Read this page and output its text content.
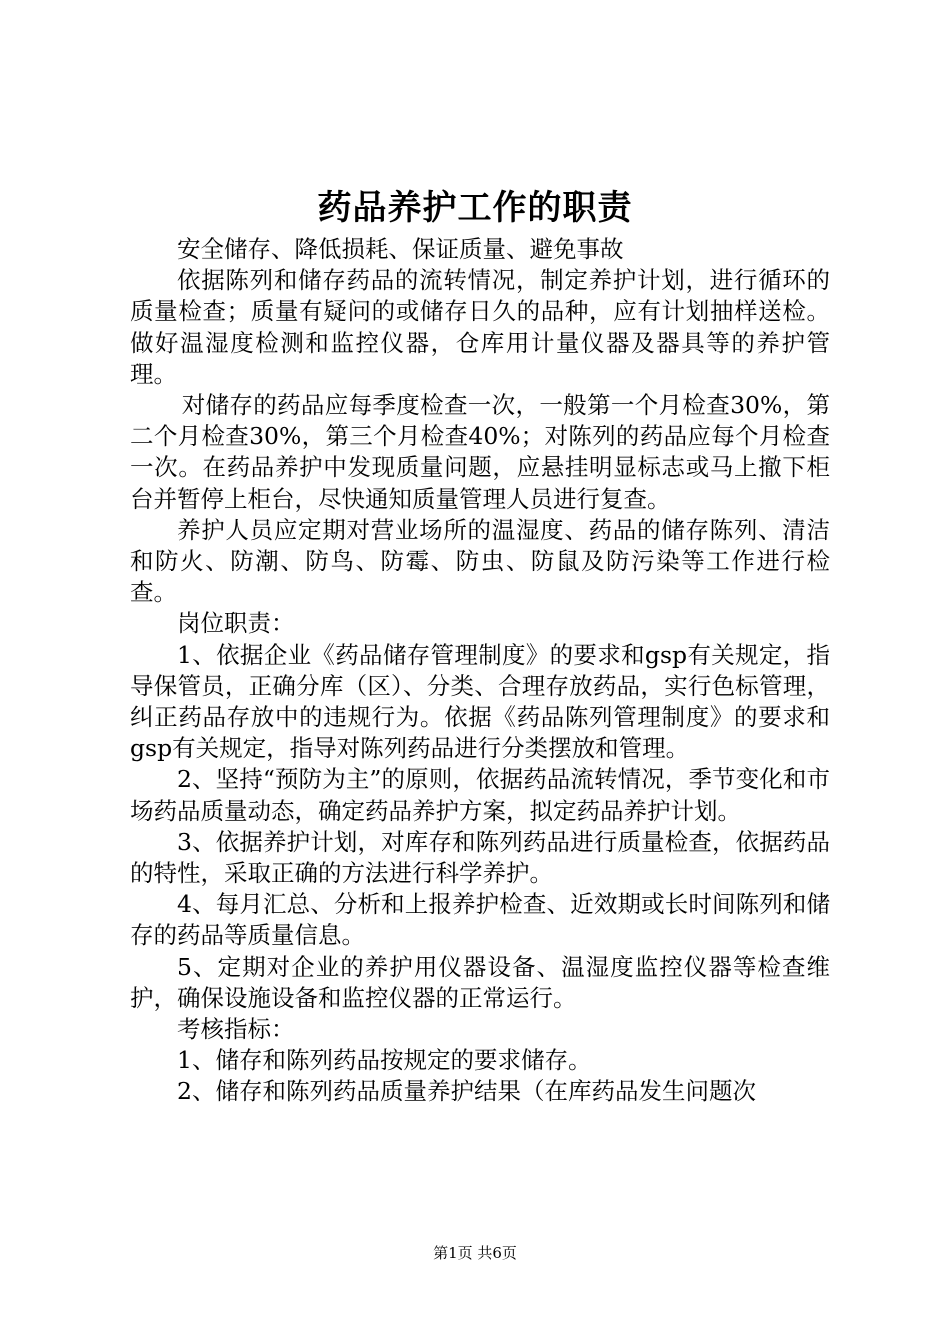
药品养护工作的职责

安全储存、降低损耗、保证质量、避免事故

依据陈列和储存药品的流转情况，制定养护计划，进行循环的质量检查；质量有疑问的或储存日久的品种，应有计划抽样送检。做好温湿度检测和监控仪器，仓库用计量仪器及器具等的养护管理。

对储存的药品应每季度检查一次，一般第一个月检查30%，第二个月检查30%，第三个月检查40%；对陈列的药品应每个月检查一次。在药品养护中发现质量问题，应悬挂明显标志或马上撤下柜台并暂停上柜台，尽快通知质量管理人员进行复查。

养护人员应定期对营业场所的温湿度、药品的储存陈列、清洁和防火、防潮、防鸟、防霉、防虫、防鼠及防污染等工作进行检查。

岗位职责：

1、依据企业《药品储存管理制度》的要求和gsp有关规定，指导保管员，正确分库（区）、分类、合理存放药品，实行色标管理，纠正药品存放中的违规行为。依据《药品陈列管理制度》的要求和gsp有关规定，指导对陈列药品进行分类摆放和管理。

2、坚持“预防为主”的原则，依据药品流转情况，季节变化和市场药品质量动态，确定药品养护方案，拟定药品养护计划。

3、依据养护计划，对库存和陈列药品进行质量检查，依据药品的特性，采取正确的方法进行科学养护。

4、每月汇总、分析和上报养护检查、近效期或长时间陈列和储存的药品等质量信息。

5、定期对企业的养护用仪器设备、温湿度监控仪器等检查维护，确保设施设备和监控仪器的正常运行。

考核指标：

1、储存和陈列药品按规定的要求储存。

2、储存和陈列药品质量养护结果（在库药品发生问题次

第1页 共6页
